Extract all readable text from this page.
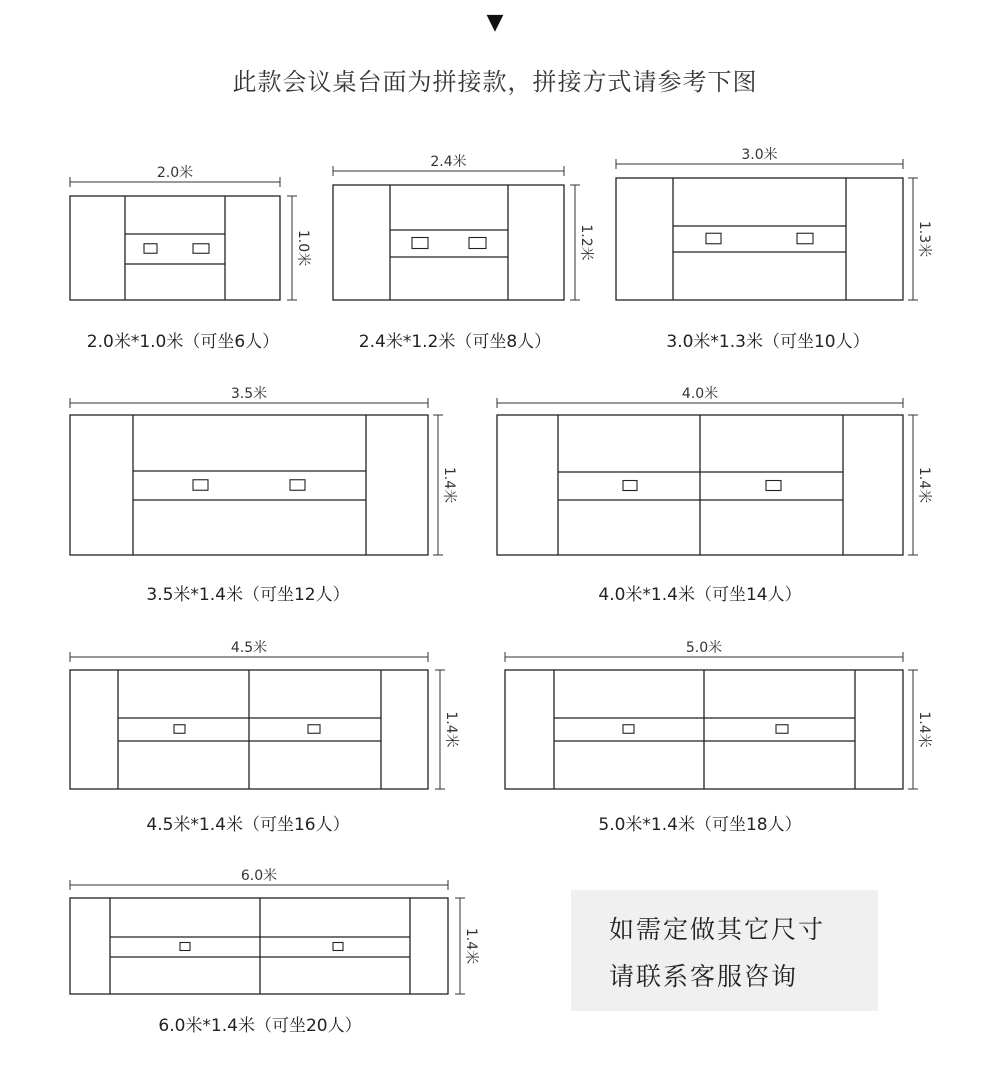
▼
此款会议桌台面为拼接款，拼接方式请参考下图
2.0米
1.0米
2.0米*1.0米（可坐6人）
2.4米
1.2米
2.4米*1.2米（可坐8人）
3.0米
1.3米
3.0米*1.3米（可坐10人）
3.5米
1.4米
3.5米*1.4米（可坐12人）
4.0米
1.4米
4.0米*1.4米（可坐14人）
4.5米
1.4米
4.5米*1.4米（可坐16人）
5.0米
1.4米
5.0米*1.4米（可坐18人）
6.0米
1.4米
6.0米*1.4米（可坐20人）
如需定做其它尺寸
请联系客服咨询
